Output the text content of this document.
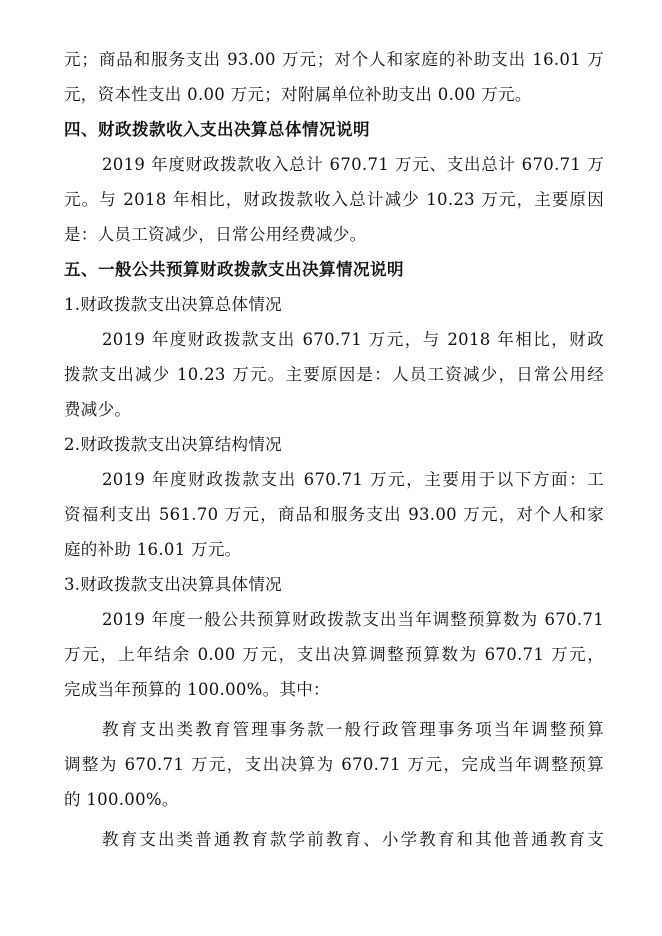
元；商品和服务支出 93.00 万元；对个人和家庭的补助支出 16.01 万
元，资本性支出 0.00 万元；对附属单位补助支出 0.00 万元。
四、财政拨款收入支出决算总体情况说明
2019 年度财政拨款收入总计 670.71 万元、支出总计 670.71 万
元。与 2018 年相比，财政拨款收入总计减少 10.23 万元，主要原因
是：人员工资减少，日常公用经费减少。
五、一般公共预算财政拨款支出决算情况说明
1.财政拨款支出决算总体情况
2019 年度财政拨款支出 670.71 万元，与 2018 年相比，财政
拨款支出减少 10.23 万元。主要原因是：人员工资减少，日常公用经
费减少。
2.财政拨款支出决算结构情况
2019 年度财政拨款支出 670.71 万元，主要用于以下方面：工
资福利支出 561.70 万元，商品和服务支出 93.00 万元，对个人和家
庭的补助 16.01 万元。
3.财政拨款支出决算具体情况
2019 年度一般公共预算财政拨款支出当年调整预算数为 670.71
万元，上年结余 0.00 万元，支出决算调整预算数为 670.71 万元，
完成当年预算的 100.00%。其中：
教育支出类教育管理事务款一般行政管理事务项当年调整预算
调整为 670.71 万元，支出决算为 670.71 万元，完成当年调整预算
的 100.00%。
教育支出类普通教育款学前教育、小学教育和其他普通教育支
